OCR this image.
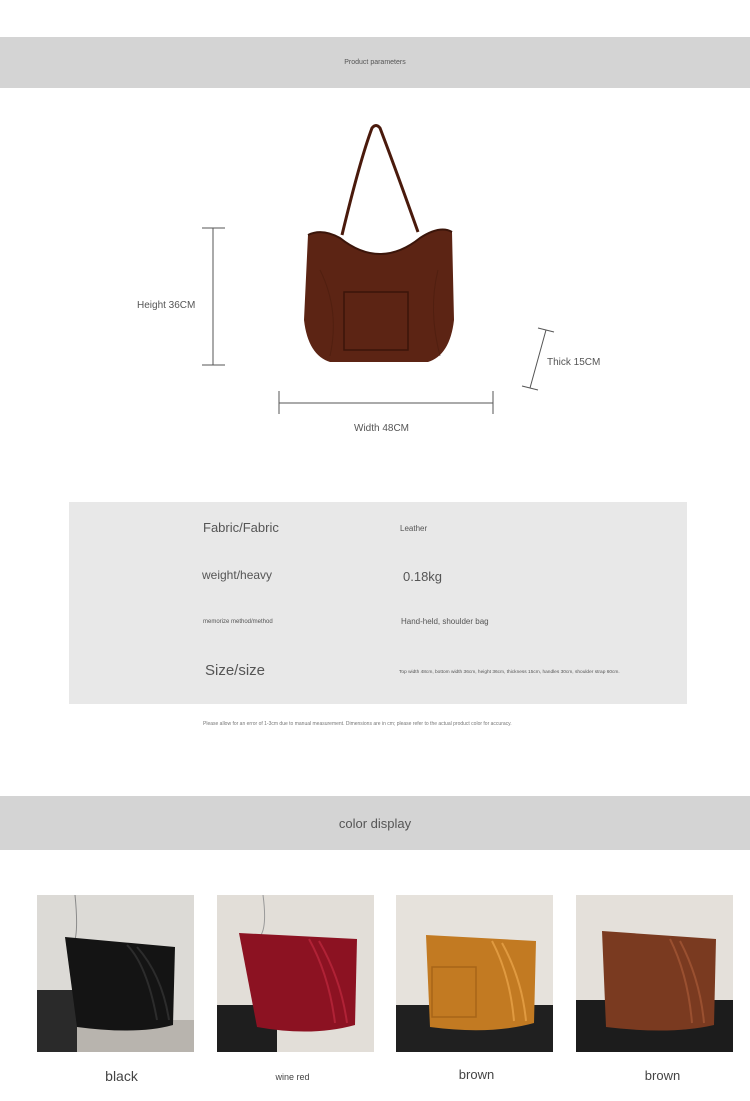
Product parameters
Height 36CM
Width 48CM
Thick 15CM
Fabric/Fabric	Leather
weight/heavy	0.18kg
memorize method/method	Hand-held, shoulder bag
Size/size	Top width 48cm, bottom width 36cm, height 36cm, thickness 15cm, handles 30cm, shoulder strap 60cm.
Please allow for an error of 1-3cm due to manual measurement. Dimensions are in cm; please refer to the actual product color for accuracy.
color display
black	wine red	brown	brown
